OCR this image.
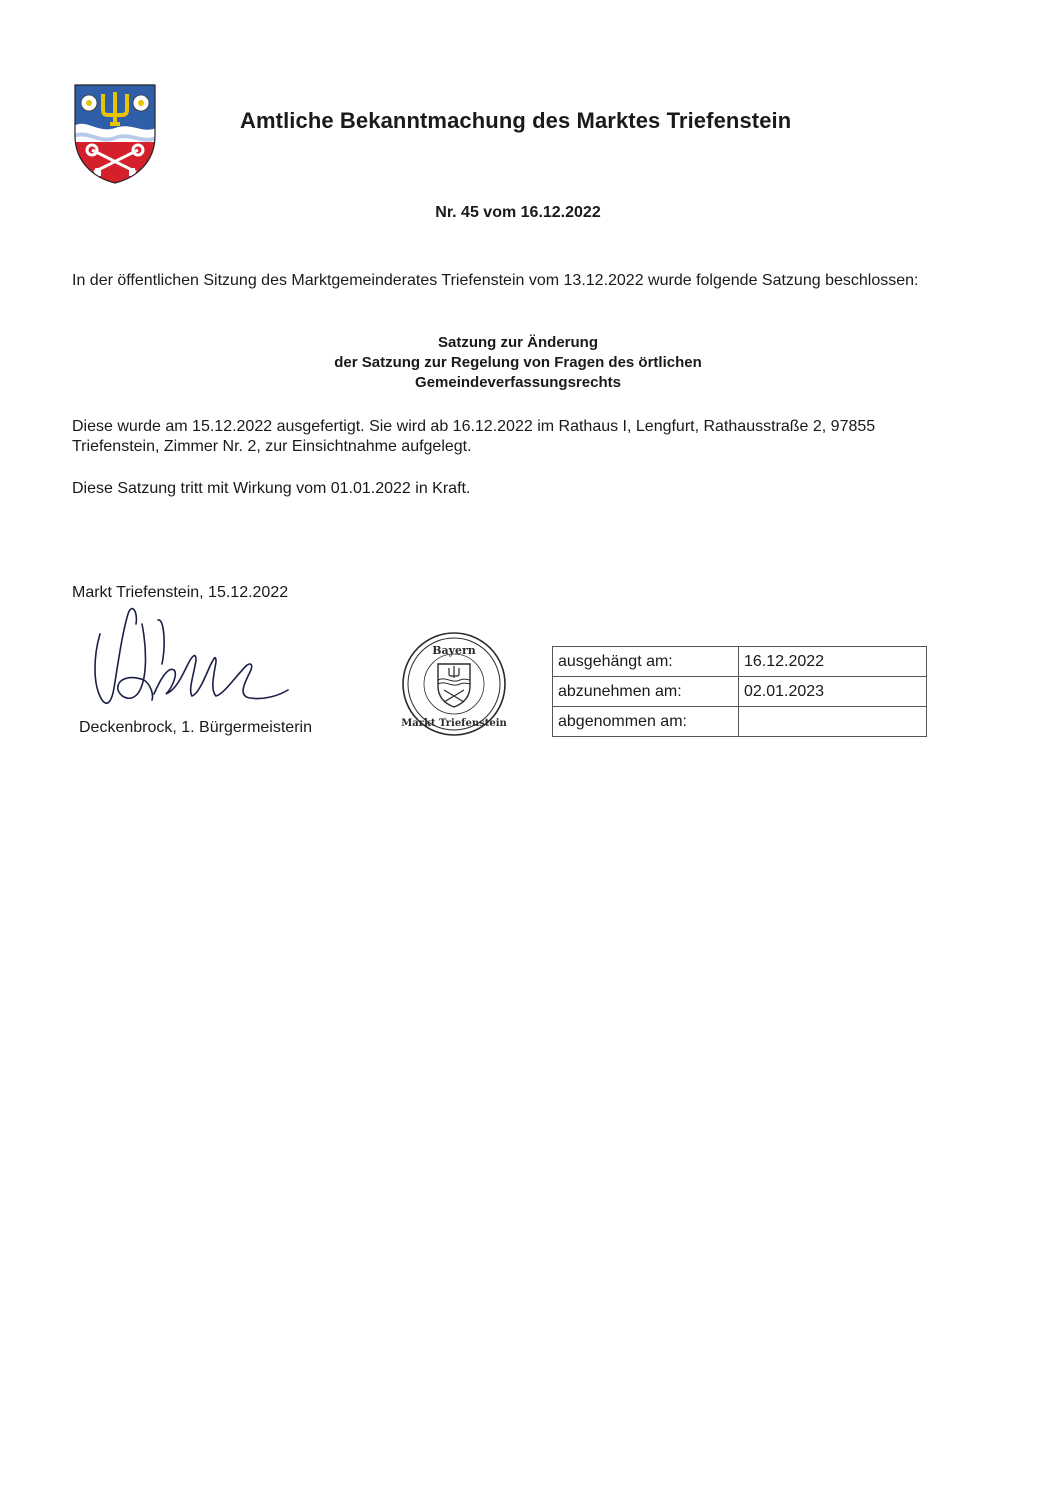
Amtliche Bekanntmachung des Marktes Triefenstein
Nr. 45 vom 16.12.2022
In der öffentlichen Sitzung des Marktgemeinderates Triefenstein vom 13.12.2022 wurde folgende Satzung beschlossen:
Satzung zur Änderung
der Satzung zur Regelung von Fragen des örtlichen
Gemeindeverfassungsrechts
Diese wurde am 15.12.2022 ausgefertigt. Sie wird ab 16.12.2022 im Rathaus I, Lengfurt, Rathausstraße 2, 97855 Triefenstein, Zimmer Nr. 2, zur Einsichtnahme aufgelegt.
Diese Satzung tritt mit Wirkung vom 01.01.2022 in Kraft.
Markt Triefenstein, 15.12.2022
Deckenbrock, 1. Bürgermeisterin
Bayern
Markt Triefenstein
ausgehängt am:	16.12.2022
abzunehmen am:	02.01.2023
abgenommen am:	
